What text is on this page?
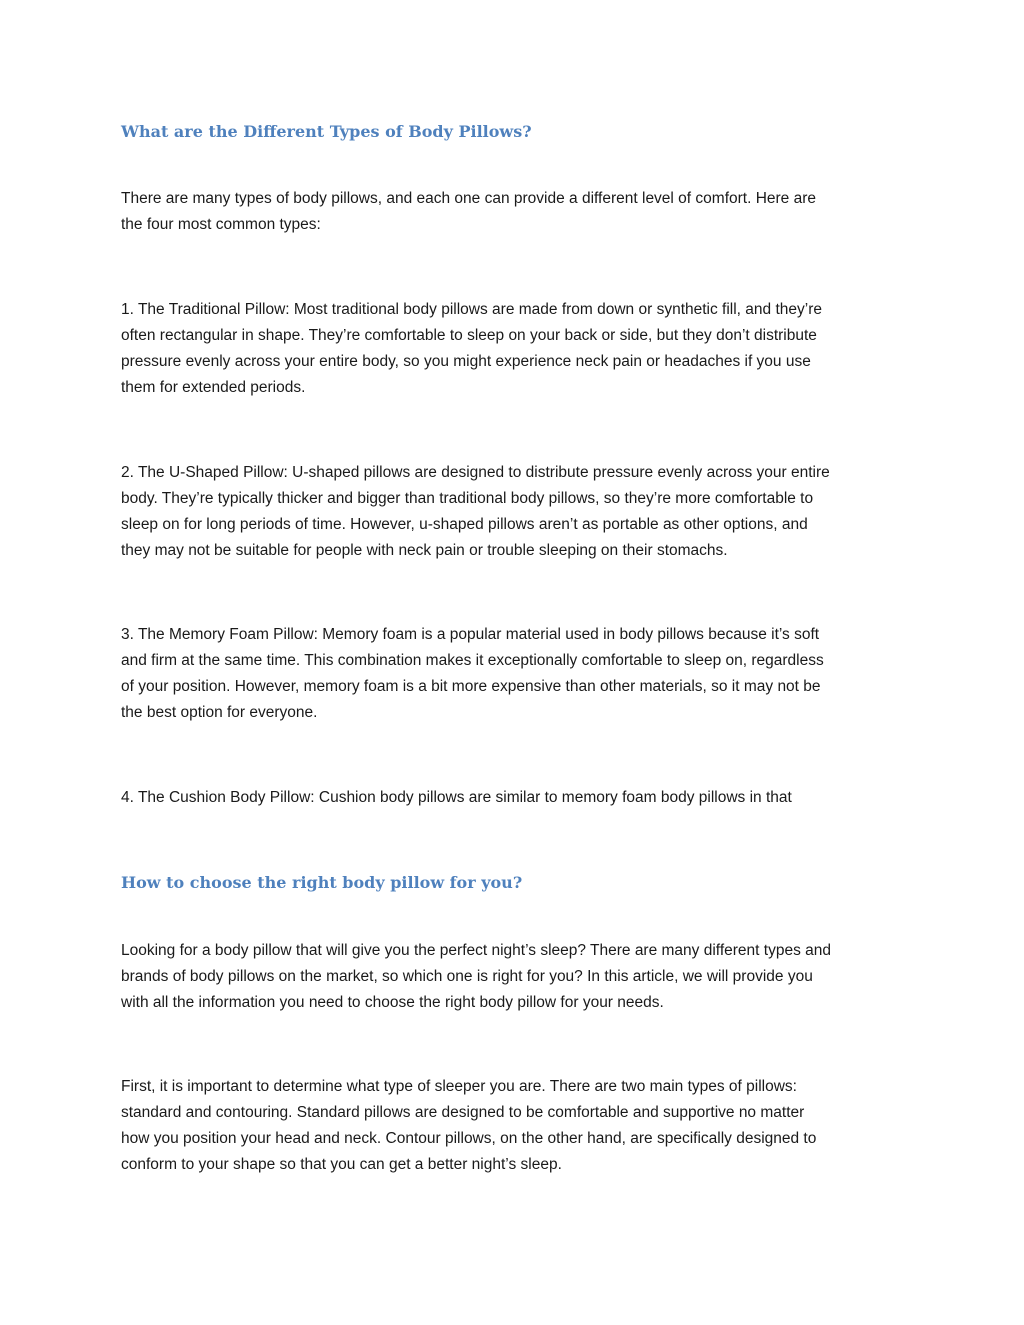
What are the Different Types of Body Pillows?

There are many types of body pillows, and each one can provide a different level of comfort. Here are
the four most common types:

1. The Traditional Pillow: Most traditional body pillows are made from down or synthetic fill, and they’re
often rectangular in shape. They’re comfortable to sleep on your back or side, but they don’t distribute
pressure evenly across your entire body, so you might experience neck pain or headaches if you use
them for extended periods.

2. The U-Shaped Pillow: U-shaped pillows are designed to distribute pressure evenly across your entire
body. They’re typically thicker and bigger than traditional body pillows, so they’re more comfortable to
sleep on for long periods of time. However, u-shaped pillows aren’t as portable as other options, and
they may not be suitable for people with neck pain or trouble sleeping on their stomachs.

3. The Memory Foam Pillow: Memory foam is a popular material used in body pillows because it’s soft
and firm at the same time. This combination makes it exceptionally comfortable to sleep on, regardless
of your position. However, memory foam is a bit more expensive than other materials, so it may not be
the best option for everyone.

4. The Cushion Body Pillow: Cushion body pillows are similar to memory foam body pillows in that

How to choose the right body pillow for you?

Looking for a body pillow that will give you the perfect night’s sleep? There are many different types and
brands of body pillows on the market, so which one is right for you? In this article, we will provide you
with all the information you need to choose the right body pillow for your needs.

First, it is important to determine what type of sleeper you are. There are two main types of pillows:
standard and contouring. Standard pillows are designed to be comfortable and supportive no matter
how you position your head and neck. Contour pillows, on the other hand, are specifically designed to
conform to your shape so that you can get a better night’s sleep.
